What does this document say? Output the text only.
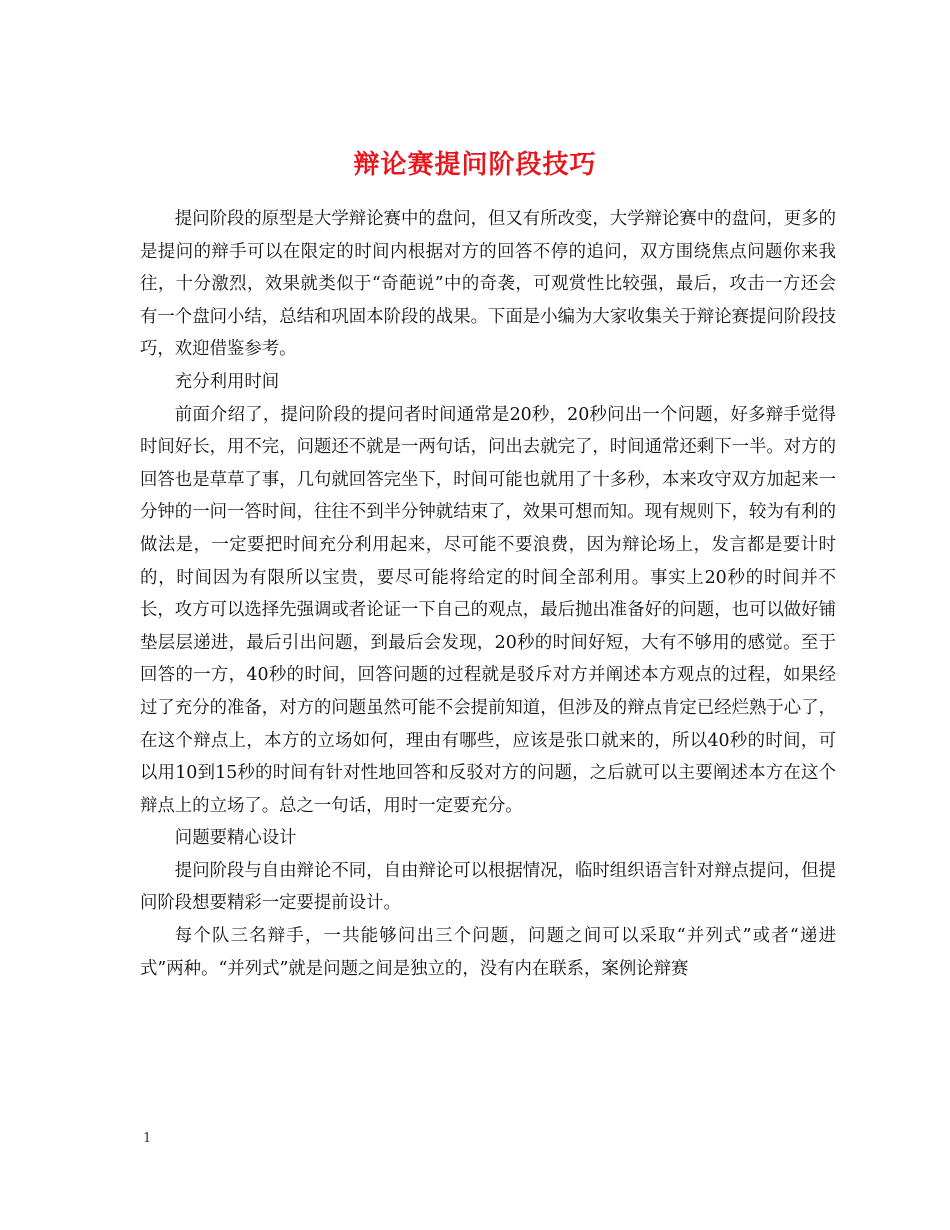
辩论赛提问阶段技巧

提问阶段的原型是大学辩论赛中的盘问，但又有所改变，大学辩论赛中的盘问，更多的是提问的辩手可以在限定的时间内根据对方的回答不停的追问，双方围绕焦点问题你来我往，十分激烈，效果就类似于“奇葩说”中的奇袭，可观赏性比较强，最后，攻击一方还会有一个盘问小结，总结和巩固本阶段的战果。下面是小编为大家收集关于辩论赛提问阶段技巧，欢迎借鉴参考。

充分利用时间

前面介绍了，提问阶段的提问者时间通常是20秒，20秒问出一个问题，好多辩手觉得时间好长，用不完，问题还不就是一两句话，问出去就完了，时间通常还剩下一半。对方的回答也是草草了事，几句就回答完坐下，时间可能也就用了十多秒，本来攻守双方加起来一分钟的一问一答时间，往往不到半分钟就结束了，效果可想而知。现有规则下，较为有利的做法是，一定要把时间充分利用起来，尽可能不要浪费，因为辩论场上，发言都是要计时的，时间因为有限所以宝贵，要尽可能将给定的时间全部利用。事实上20秒的时间并不长，攻方可以选择先强调或者论证一下自己的观点，最后抛出准备好的问题，也可以做好铺垫层层递进，最后引出问题，到最后会发现，20秒的时间好短，大有不够用的感觉。至于回答的一方，40秒的时间，回答问题的过程就是驳斥对方并阐述本方观点的过程，如果经过了充分的准备，对方的问题虽然可能不会提前知道，但涉及的辩点肯定已经烂熟于心了，在这个辩点上，本方的立场如何，理由有哪些，应该是张口就来的，所以40秒的时间，可以用10到15秒的时间有针对性地回答和反驳对方的问题，之后就可以主要阐述本方在这个辩点上的立场了。总之一句话，用时一定要充分。

问题要精心设计

提问阶段与自由辩论不同，自由辩论可以根据情况，临时组织语言针对辩点提问，但提问阶段想要精彩一定要提前设计。

每个队三名辩手，一共能够问出三个问题，问题之间可以采取“并列式”或者“递进式”两种。“并列式”就是问题之间是独立的，没有内在联系，案例论辩赛

1
